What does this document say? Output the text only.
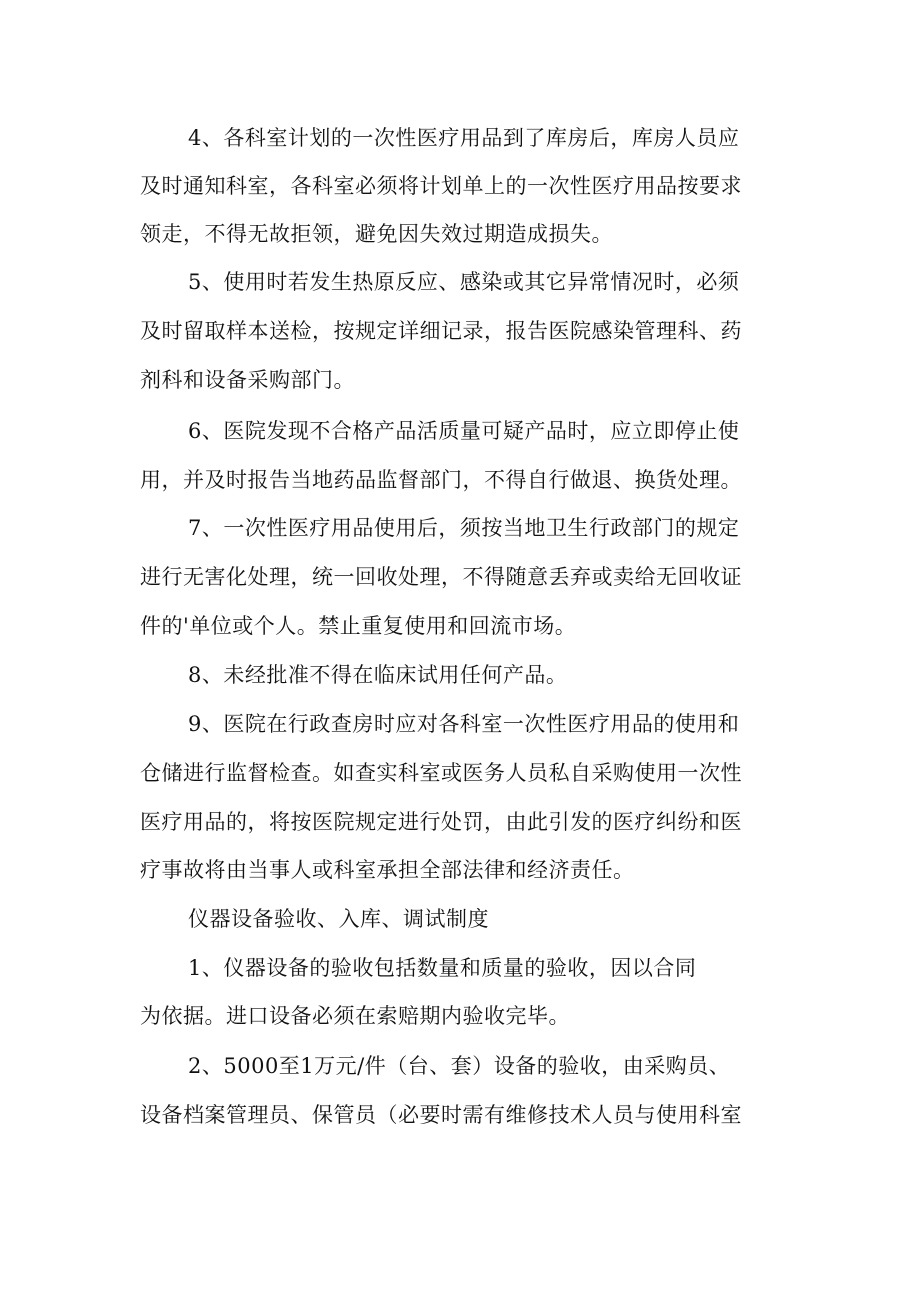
4、各科室计划的一次性医疗用品到了库房后，库房人员应
及时通知科室，各科室必须将计划单上的一次性医疗用品按要求
领走，不得无故拒领，避免因失效过期造成损失。
5、使用时若发生热原反应、感染或其它异常情况时，必须
及时留取样本送检，按规定详细记录，报告医院感染管理科、药
剂科和设备采购部门。
6、医院发现不合格产品活质量可疑产品时，应立即停止使
用，并及时报告当地药品监督部门，不得自行做退、换货处理。
7、一次性医疗用品使用后，须按当地卫生行政部门的规定
进行无害化处理，统一回收处理，不得随意丢弃或卖给无回收证
件的'单位或个人。禁止重复使用和回流市场。
8、未经批准不得在临床试用任何产品。
9、医院在行政查房时应对各科室一次性医疗用品的使用和
仓储进行监督检查。如查实科室或医务人员私自采购使用一次性
医疗用品的，将按医院规定进行处罚，由此引发的医疗纠纷和医
疗事故将由当事人或科室承担全部法律和经济责任。
仪器设备验收、入库、调试制度
1、仪器设备的验收包括数量和质量的验收，因以合同
为依据。进口设备必须在索赔期内验收完毕。
2、5000至1万元/件（台、套）设备的验收，由采购员、
设备档案管理员、保管员（必要时需有维修技术人员与使用科室
